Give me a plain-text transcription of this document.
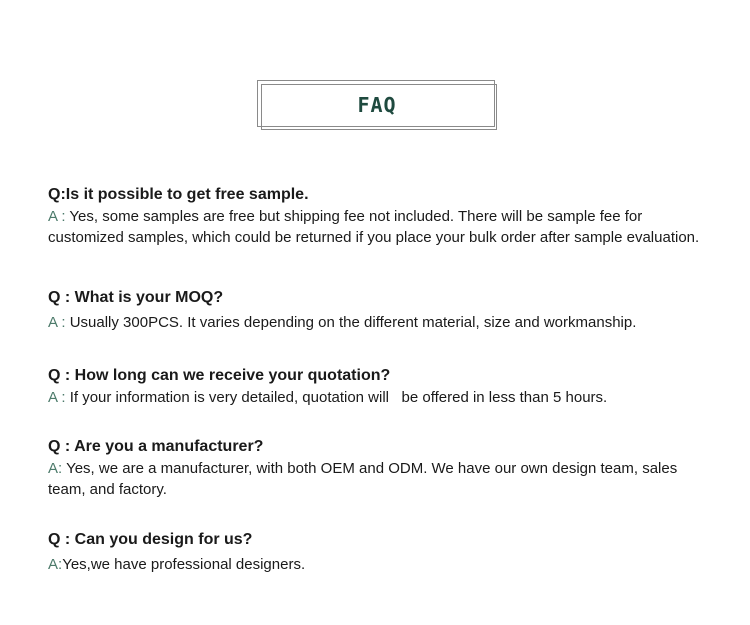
FAQ
Q:Is it possible to get free sample.
A : Yes, some samples are free but shipping fee not included. There will be sample fee for customized samples, which could be returned if you place your bulk order after sample evaluation.
Q : What is your MOQ?
A : Usually 300PCS. It varies depending on the different material, size and workmanship.
Q : How long can we receive your quotation?
A : If your information is very detailed, quotation will   be offered in less than 5 hours.
Q : Are you a manufacturer?
A: Yes, we are a manufacturer, with both OEM and ODM. We have our own design team, sales team, and factory.
Q : Can you design for us?
A:Yes,we have professional designers.
